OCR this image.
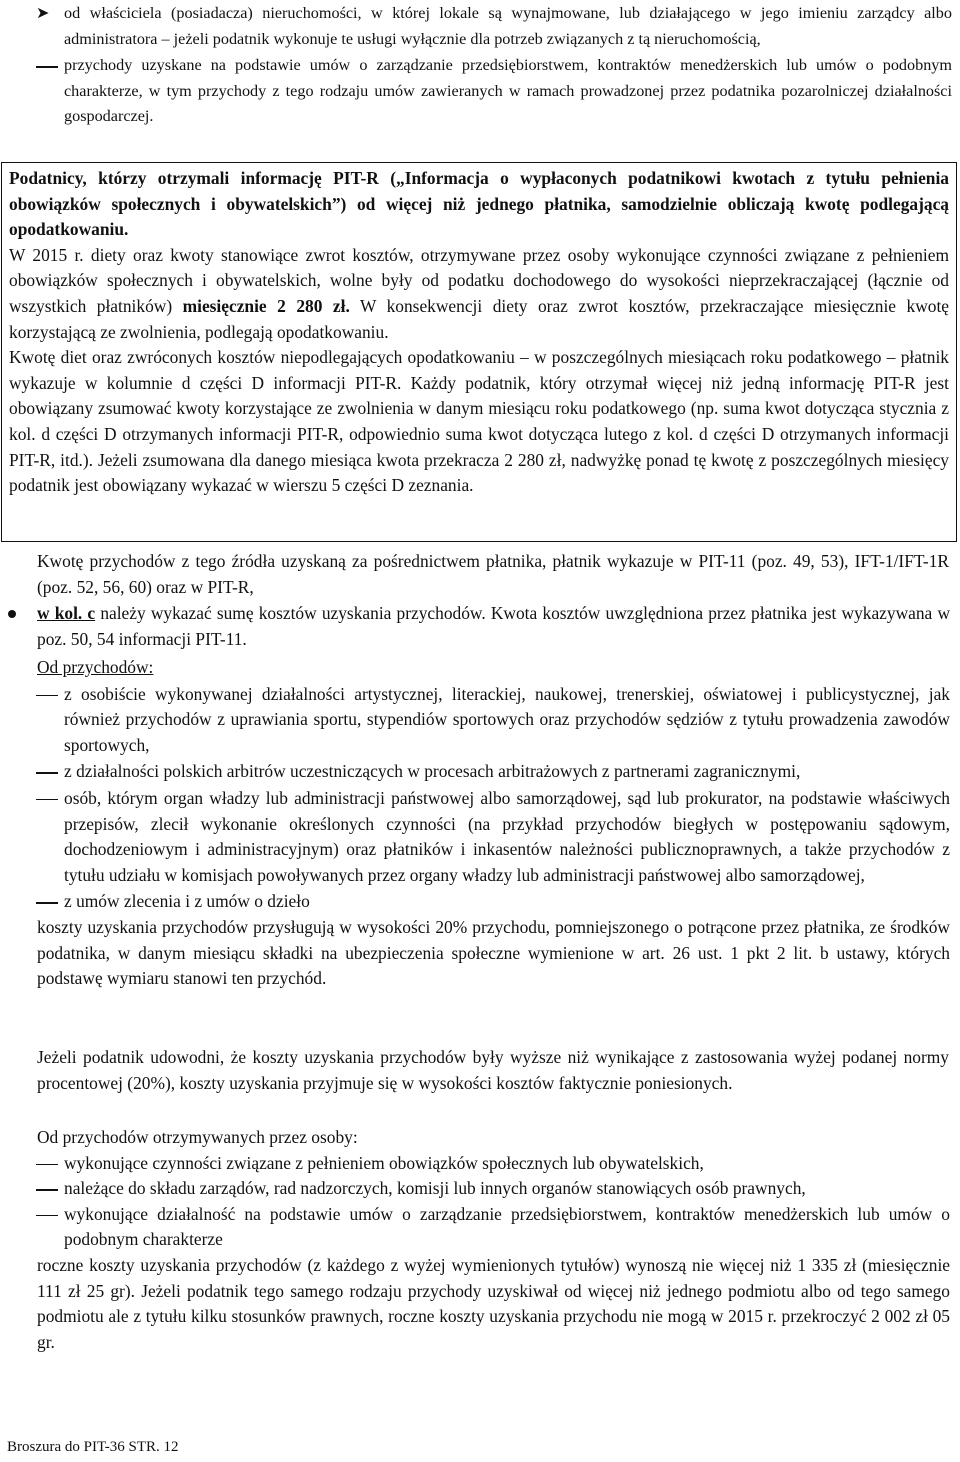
➤ od właściciela (posiadacza) nieruchomości, w której lokale są wynajmowane, lub działającego w jego imieniu zarządcy albo administratora – jeżeli podatnik wykonuje te usługi wyłącznie dla potrzeb związanych z tą nieruchomością,
przychody uzyskane na podstawie umów o zarządzanie przedsiębiorstwem, kontraktów menedżerskich lub umów o podobnym charakterze, w tym przychody z tego rodzaju umów zawieranych w ramach prowadzonej przez podatnika pozarolniczej działalności gospodarczej.

Podatnicy, którzy otrzymali informację PIT-R („Informacja o wypłaconych podatnikowi kwotach z tytułu pełnienia obowiązków społecznych i obywatelskich”) od więcej niż jednego płatnika, samodzielnie obliczają kwotę podlegającą opodatkowaniu.

W 2015 r. diety oraz kwoty stanowiące zwrot kosztów, otrzymywane przez osoby wykonujące czynności związane z pełnieniem obowiązków społecznych i obywatelskich, wolne były od podatku dochodowego do wysokości nieprzekraczającej (łącznie od wszystkich płatników) miesięcznie 2 280 zł. W konsekwencji diety oraz zwrot kosztów, przekraczające miesięcznie kwotę korzystającą ze zwolnienia, podlegają opodatkowaniu.

Kwotę diet oraz zwróconych kosztów niepodlegających opodatkowaniu – w poszczególnych miesiącach roku podatkowego – płatnik wykazuje w kolumnie d części D informacji PIT-R. Każdy podatnik, który otrzymał więcej niż jedną informację PIT-R jest obowiązany zsumować kwoty korzystające ze zwolnienia w danym miesiącu roku podatkowego (np. suma kwot dotycząca stycznia z kol. d części D otrzymanych informacji PIT-R, odpowiednio suma kwot dotycząca lutego z kol. d części D otrzymanych informacji PIT-R, itd.). Jeżeli zsumowana dla danego miesiąca kwota przekracza 2 280 zł, nadwyżkę ponad tę kwotę z poszczególnych miesięcy podatnik jest obowiązany wykazać w wierszu 5 części D zeznania.

Kwotę przychodów z tego źródła uzyskaną za pośrednictwem płatnika, płatnik wykazuje w PIT-11 (poz. 49, 53), IFT-1/IFT-1R (poz. 52, 56, 60) oraz w PIT-R,

w kol. c należy wykazać sumę kosztów uzyskania przychodów. Kwota kosztów uwzględniona przez płatnika jest wykazywana w poz. 50, 54 informacji PIT-11.
Od przychodów:
z osobiście wykonywanej działalności artystycznej, literackiej, naukowej, trenerskiej, oświatowej i publicystycznej, jak również przychodów z uprawiania sportu, stypendiów sportowych oraz przychodów sędziów z tytułu prowadzenia zawodów sportowych,
z działalności polskich arbitrów uczestniczących w procesach arbitrażowych z partnerami zagranicznymi,
osób, którym organ władzy lub administracji państwowej albo samorządowej, sąd lub prokurator, na podstawie właściwych przepisów, zlecił wykonanie określonych czynności (na przykład przychodów biegłych w postępowaniu sądowym, dochodzeniowym i administracyjnym) oraz płatników i inkasentów należności publicznoprawnych, a także przychodów z tytułu udziału w komisjach powoływanych przez organy władzy lub administracji państwowej albo samorządowej,
z umów zlecenia i z umów o dzieło

koszty uzyskania przychodów przysługują w wysokości 20% przychodu, pomniejszonego o potrącone przez płatnika, ze środków podatnika, w danym miesiącu składki na ubezpieczenia społeczne wymienione w art. 26 ust. 1 pkt 2 lit. b ustawy, których podstawę wymiaru stanowi ten przychód.

Jeżeli podatnik udowodni, że koszty uzyskania przychodów były wyższe niż wynikające z zastosowania wyżej podanej normy procentowej (20%), koszty uzyskania przyjmuje się w wysokości kosztów faktycznie poniesionych.

Od przychodów otrzymywanych przez osoby:
wykonujące czynności związane z pełnieniem obowiązków społecznych lub obywatelskich,
należące do składu zarządów, rad nadzorczych, komisji lub innych organów stanowiących osób prawnych,
wykonujące działalność na podstawie umów o zarządzanie przedsiębiorstwem, kontraktów menedżerskich lub umów o podobnym charakterze

roczne koszty uzyskania przychodów (z każdego z wyżej wymienionych tytułów) wynoszą nie więcej niż 1 335 zł (miesięcznie 111 zł 25 gr). Jeżeli podatnik tego samego rodzaju przychody uzyskiwał od więcej niż jednego podmiotu albo od tego samego podmiotu ale z tytułu kilku stosunków prawnych, roczne koszty uzyskania przychodu nie mogą w 2015 r. przekroczyć 2 002 zł 05 gr.

Broszura do PIT-36 STR. 12
